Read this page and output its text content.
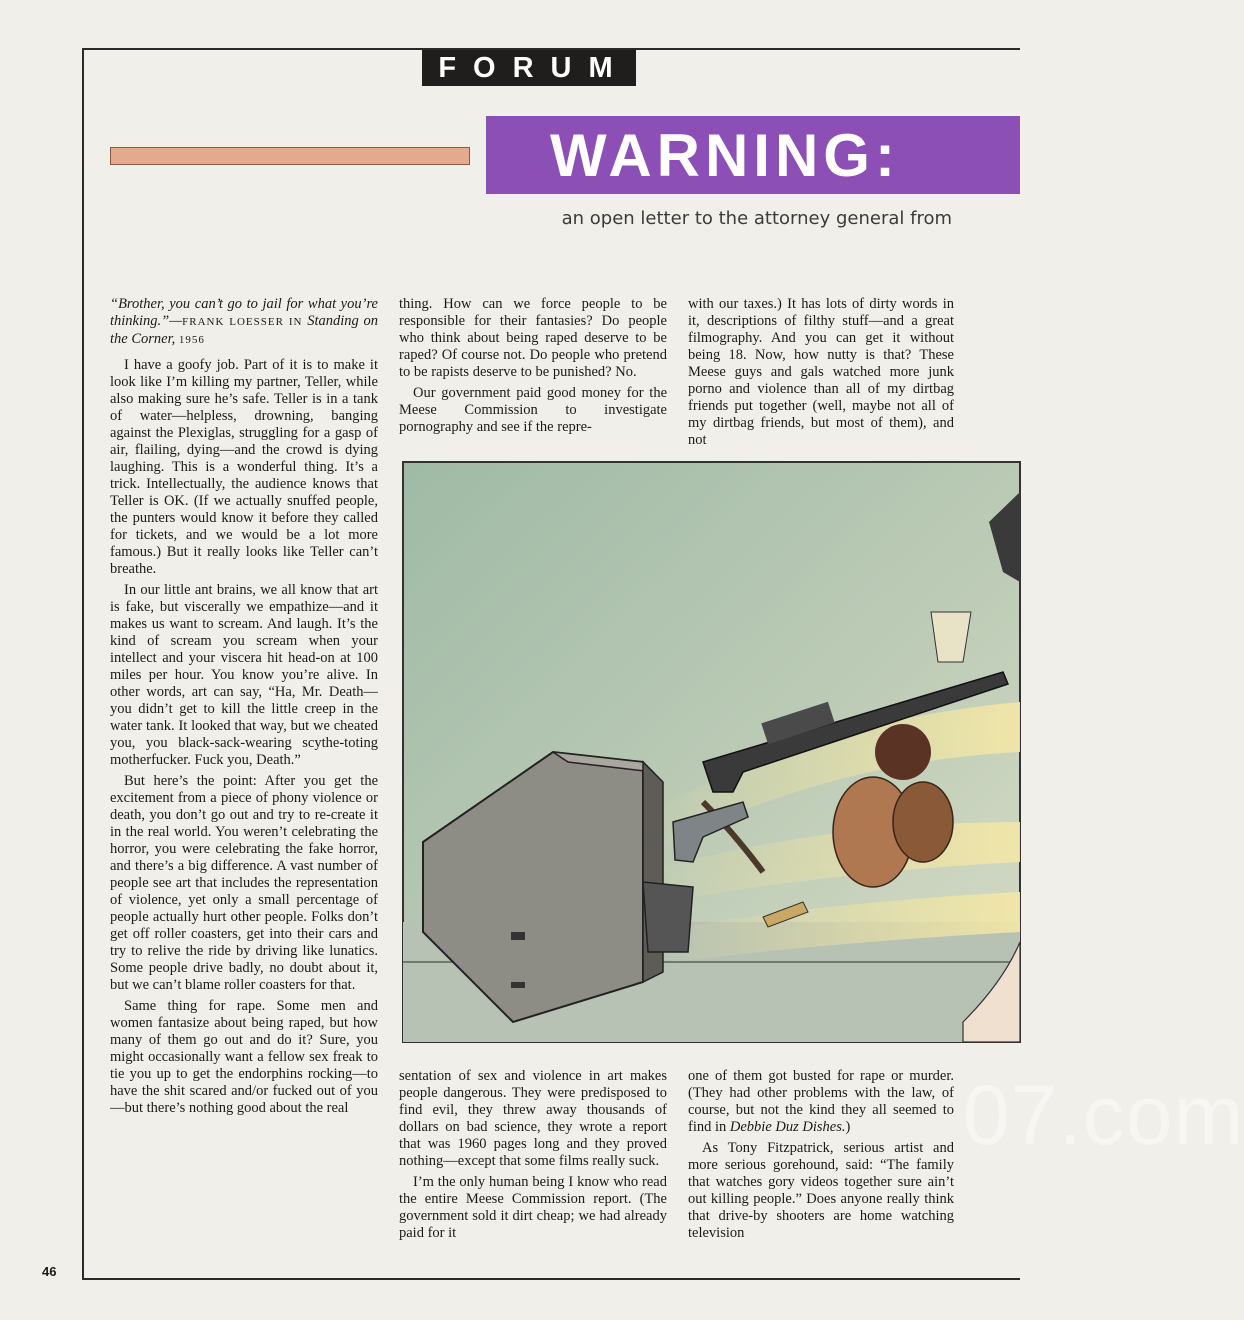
FORUM
WARNING:
an open letter to the attorney general from

“Brother, you can’t go to jail for what you’re thinking.”—FRANK LOESSER IN Standing on the Corner, 1956

I have a goofy job. Part of it is to make it look like I’m killing my partner, Teller, while also making sure he’s safe. Teller is in a tank of water—helpless, drowning, banging against the Plexiglas, struggling for a gasp of air, flailing, dying—and the crowd is dying laughing. This is a wonderful thing. It’s a trick. Intellectually, the audience knows that Teller is OK. (If we actually snuffed people, the punters would know it before they called for tickets, and we would be a lot more famous.) But it really looks like Teller can’t breathe.

In our little ant brains, we all know that art is fake, but viscerally we empathize—and it makes us want to scream. And laugh. It’s the kind of scream you scream when your intellect and your viscera hit head-on at 100 miles per hour. You know you’re alive. In other words, art can say, “Ha, Mr. Death—you didn’t get to kill the little creep in the water tank. It looked that way, but we cheated you, you black-sack-wearing scythe-toting motherfucker. Fuck you, Death.”

But here’s the point: After you get the excitement from a piece of phony violence or death, you don’t go out and try to re-create it in the real world. You weren’t celebrating the horror, you were celebrating the fake horror, and there’s a big difference. A vast number of people see art that includes the representation of violence, yet only a small percentage of people actually hurt other people. Folks don’t get off roller coasters, get into their cars and try to relive the ride by driving like lunatics. Some people drive badly, no doubt about it, but we can’t blame roller coasters for that.

Same thing for rape. Some men and women fantasize about being raped, but how many of them go out and do it? Sure, you might occasionally want a fellow sex freak to tie you up to get the endorphins rocking—to have the shit scared and/or fucked out of you—but there’s nothing good about the real

thing. How can we force people to be responsible for their fantasies? Do people who think about being raped deserve to be raped? Of course not. Do people who pretend to be rapists deserve to be punished? No.

Our government paid good money for the Meese Commission to investigate pornography and see if the repre-

with our taxes.) It has lots of dirty words in it, descriptions of filthy stuff—and a great filmography. And you can get it without being 18. Now, how nutty is that? These Meese guys and gals watched more junk porno and violence than all of my dirtbag friends put together (well, maybe not all of my dirtbag friends, but most of them), and not

07.com

sentation of sex and violence in art makes people dangerous. They were predisposed to find evil, they threw away thousands of dollars on bad science, they wrote a report that was 1960 pages long and they proved nothing—except that some films really suck.

I’m the only human being I know who read the entire Meese Commission report. (The government sold it dirt cheap; we had already paid for it

one of them got busted for rape or murder. (They had other problems with the law, of course, but not the kind they all seemed to find in Debbie Duz Dishes.)

As Tony Fitzpatrick, serious artist and more serious gorehound, said: “The family that watches gory videos together sure ain’t out killing people.” Does anyone really think that drive-by shooters are home watching television

46
